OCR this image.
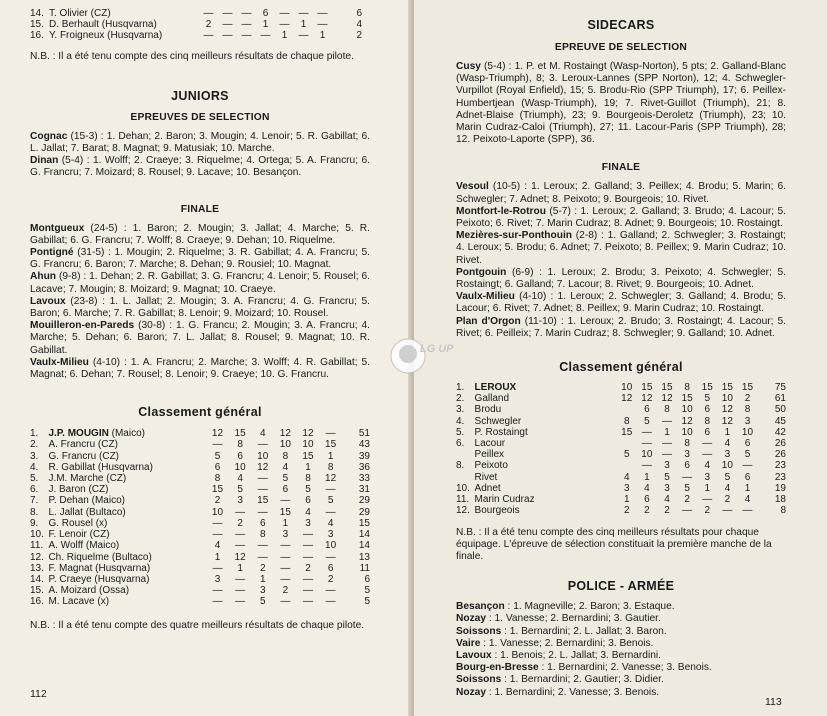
14.	T. Olivier (CZ)	—	—	—	6	—	—	—	6
15.	D. Berhault (Husqvarna)	2	—	—	1	—	1	—	4
16.	Y. Froigneux (Husqvarna)	—	—	—	—	1	—	1	2

N.B. : Il a été tenu compte des cinq meilleurs résultats de chaque pilote.

JUNIORS

EPREUVES DE SELECTION

Cognac (15-3) : 1. Dehan; 2. Baron; 3. Mougin; 4. Lenoir; 5. R. Gabillat; 6. L. Jallat; 7. Barat; 8. Magnat; 9. Matusiak; 10. Marche.

Dinan (5-4) : 1. Wolff; 2. Craeye; 3. Riquelme; 4. Ortega; 5. A. Francru; 6. G. Francru; 7. Moizard; 8. Rousel; 9. Lacave; 10. Besançon.

FINALE

Montgueux (24-5) : 1. Baron; 2. Mougin; 3. Jallat; 4. Marche; 5. R. Gabillat; 6. G. Francru; 7. Wolff; 8. Craeye; 9. Dehan; 10. Riquelme.

Pontigné (31-5) : 1. Mougin; 2. Riquelme; 3. R. Gabillat; 4. A. Francru; 5. G. Francru; 6. Baron; 7. Marche; 8. Dehan; 9. Rousiel; 10. Magnat.

Ahun (9-8) : 1. Dehan; 2. R. Gabillat; 3. G. Francru; 4. Lenoir; 5. Rousel; 6. Lacave; 7. Mougin; 8. Moizard; 9. Magnat; 10. Craeye.

Lavoux (23-8) : 1. L. Jallat; 2. Mougin; 3. A. Francru; 4. G. Francru; 5. Baron; 6. Marche; 7. R. Gabillat; 8. Lenoir; 9. Moizard; 10. Rousel.

Mouilleron-en-Pareds (30-8) : 1. G. Francu; 2. Mougin; 3. A. Francru; 4. Marche; 5. Dehan; 6. Baron; 7. L. Jallat; 8. Rousel; 9. Magnat; 10. R. Gabillat.

Vaulx-Milieu (4-10) : 1. A. Francru; 2. Marche; 3. Wolff; 4. R. Gabillat; 5. Magnat; 6. Dehan; 7. Rousel; 8. Lenoir; 9. Craeye; 10. G. Francru.

Classement général

1.	J.P. MOUGIN (Maico)	12	15	4	12	12	—	51
2.	A. Francru (CZ)	—	8	—	10	10	15	43
3.	G. Francru (CZ)	5	6	10	8	15	1	39
4.	R. Gabillat (Husqvarna)	6	10	12	4	1	8	36
5.	J.M. Marche (CZ)	8	4	—	5	8	12	33
6.	J. Baron (CZ)	15	5	—	6	5	—	31
7.	P. Dehan (Maico)	2	3	15	—	6	5	29
8.	L. Jallat (Bultaco)	10	—	—	15	4	—	29
9.	G. Rousel (x)	—	2	6	1	3	4	15
10.	F. Lenoir (CZ)	—	—	8	3	—	3	14
11.	A. Wolff (Maico)	4	—	—	—	—	10	14
12.	Ch. Riquelme (Bultaco)	1	12	—	—	—	—	13
13.	F. Magnat (Husqvarna)	—	1	2	—	2	6	11
14.	P. Craeye (Husqvarna)	3	—	1	—	—	2	6
15.	A. Moizard (Ossa)	—	—	3	2	—	—	5
16.	M. Lacave (x)	—	—	5	—	—	—	5

N.B. : Il a été tenu compte des quatre meilleurs résultats de chaque pilote.

112

SIDECARS

EPREUVE DE SELECTION

Cusy (5-4) : 1. P. et M. Rostaingt (Wasp-Norton), 5 pts; 2. Galland-Blanc (Wasp-Triumph), 8; 3. Leroux-Lannes (SPP Norton), 12; 4. Schwegler-Vurpillot (Royal Enfield), 15; 5. Brodu-Rio (SPP Triumph), 17; 6. Peillex-Humbertjean (Wasp-Triumph), 19; 7. Rivet-Guillot (Triumph), 21; 8. Adnet-Blaise (Triumph), 23; 9. Bourgeois-Deroletz (Triumph), 23; 10. Marin Cudraz-Caloi (Triumph), 27; 11. Lacour-Paris (SPP Triumph), 28; 12. Peixoto-Laporte (SPP), 36.

FINALE

Vesoul (10-5) : 1. Leroux; 2. Galland; 3. Peillex; 4. Brodu; 5. Marin; 6. Schwegler; 7. Adnet; 8. Peixoto; 9. Bourgeois; 10. Rivet.

Montfort-le-Rotrou (5-7) : 1. Leroux; 2. Galland; 3. Brudo; 4. Lacour; 5. Peixoto; 6. Rivet; 7. Marin Cudraz; 8. Adnet; 9. Bourgeois; 10. Rostaingt.

Mezières-sur-Ponthouin (2-8) : 1. Galland; 2. Schwegler; 3. Rostaingt; 4. Leroux; 5. Brodu; 6. Adnet; 7. Peixoto; 8. Peillex; 9. Marin Cudraz; 10. Rivet.

Pontgouin (6-9) : 1. Leroux; 2. Brodu; 3. Peixoto; 4. Schwegler; 5. Rostaingt; 6. Galland; 7. Lacour; 8. Rivet; 9. Bourgeois; 10. Adnet.

Vaulx-Milieu (4-10) : 1. Leroux; 2. Schwegler; 3. Galland; 4. Brodu; 5. Lacour; 6. Rivet; 7. Adnet; 8. Peillex; 9. Marin Cudraz; 10. Rostaingt.

Plan d'Orgon (11-10) : 1. Leroux; 2. Brudo; 3. Rostaingt; 4. Lacour; 5. Rivet; 6. Peilleix; 7. Marin Cudraz; 8. Schwegler; 9. Galland; 10. Adnet.

Classement général

1.	LEROUX	10	15	15	8	15	15	15	75
2.	Galland	12	12	12	15	5	10	2	61
3.	Brodu		6	8	10	6	12	8	50
4.	Schwegler	8	5	—	12	8	12	3	45
5.	P. Rostaingt	15	—	1	10	6	1	10	42
6.	Lacour		—	—	8	—	4	6	26
	Peillex	5	10	—	3	—	3	5	26
8.	Peixoto		—	3	6	4	10	—	23
	Rivet	4	1	5	—	3	5	6	23
10.	Adnet	3	4	3	5	1	4	1	19
11.	Marin Cudraz	1	6	4	2	—	2	4	18
12.	Bourgeois	2	2	2	—	2	—	—	8

N.B. : Il a été tenu compte des cinq meilleurs résultats pour chaque équipage. L'épreuve de sélection constituait la première manche de la finale.

POLICE - ARMÉE

Besançon : 1. Magneville; 2. Baron; 3. Estaque.

Nozay : 1. Vanesse; 2. Bernardini; 3. Gautier.

Soissons : 1. Bernardini; 2. L. Jallat; 3. Baron.

Vaire : 1. Vanesse; 2. Bernardini; 3. Benois.

Lavoux : 1. Benois; 2. L. Jallat; 3. Bernardini.

Bourg-en-Bresse : 1. Bernardini; 2. Vanesse; 3. Benois.

Soissons : 1. Bernardini; 2. Gautier; 3. Didier.

Nozay : 1. Bernardini; 2. Vanesse; 3. Benois.

113
LG UP
